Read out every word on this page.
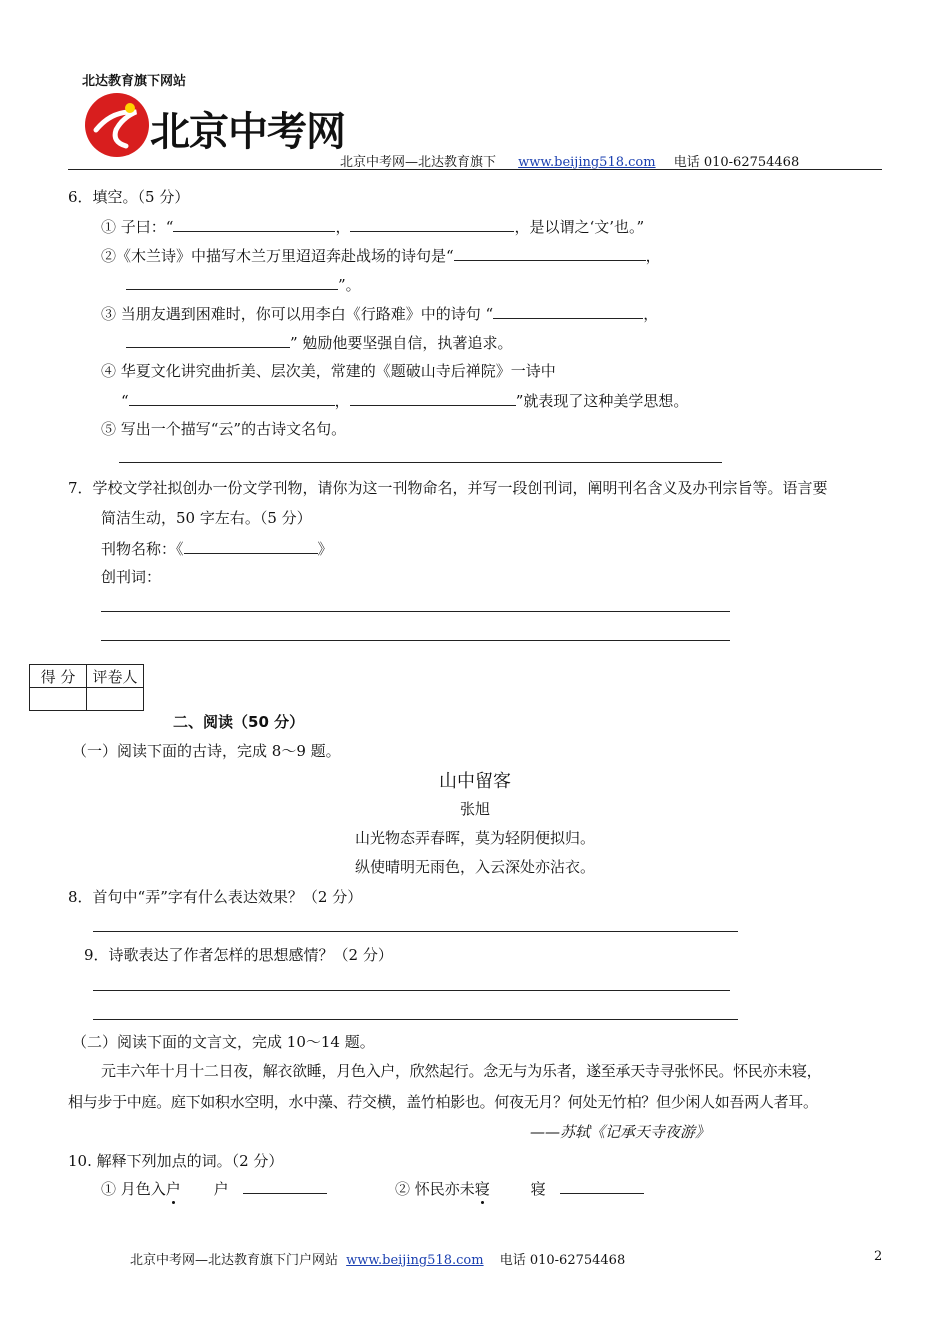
北达教育旗下网站
北京中考网
北京中考网—北达教育旗下 www.beijing518.com 电话 010-62754468
6．填空。（5 分）
① 子曰：“	，	，是以谓之‘文’也。”
②《木兰诗》中描写木兰万里迢迢奔赴战场的诗句是“	，
”。
③ 当朋友遇到困难时，你可以用李白《行路难》中的诗句 “	，
” 勉励他要坚强自信，执著追求。
④ 华夏文化讲究曲折美、层次美，常建的《题破山寺后禅院》一诗中
“	，	”就表现了这种美学思想。
⑤ 写出一个描写“云”的古诗文名句。
7．学校文学社拟创办一份文学刊物，请你为这一刊物命名，并写一段创刊词，阐明刊名含义及办刊宗旨等。语言要
简洁生动，50 字左右。（5 分）
刊物名称：《	》
创刊词：
得 分	评卷人

二、阅读（50 分）
（一）阅读下面的古诗，完成 8～9 题。
山中留客
张旭
山光物态弄春晖，莫为轻阴便拟归。
纵使晴明无雨色，入云深处亦沾衣。
8．首句中“弄”字有什么表达效果？（2 分）
9．诗歌表达了作者怎样的思想感情？（2 分）
（二）阅读下面的文言文，完成 10～14 题。
元丰六年十月十二日夜，解衣欲睡，月色入户，欣然起行。念无与为乐者，遂至承天寺寻张怀民。怀民亦未寝，
相与步于中庭。庭下如积水空明，水中藻、荇交横，盖竹柏影也。何夜无月？何处无竹柏？但少闲人如吾两人者耳。
——苏轼《记承天寺夜游》
10. 解释下列加点的词。（2 分）
① 月色入户 户	② 怀民亦未寝	寝
北京中考网—北达教育旗下门户网站 www.beijing518.com 电话 010-62754468	2
